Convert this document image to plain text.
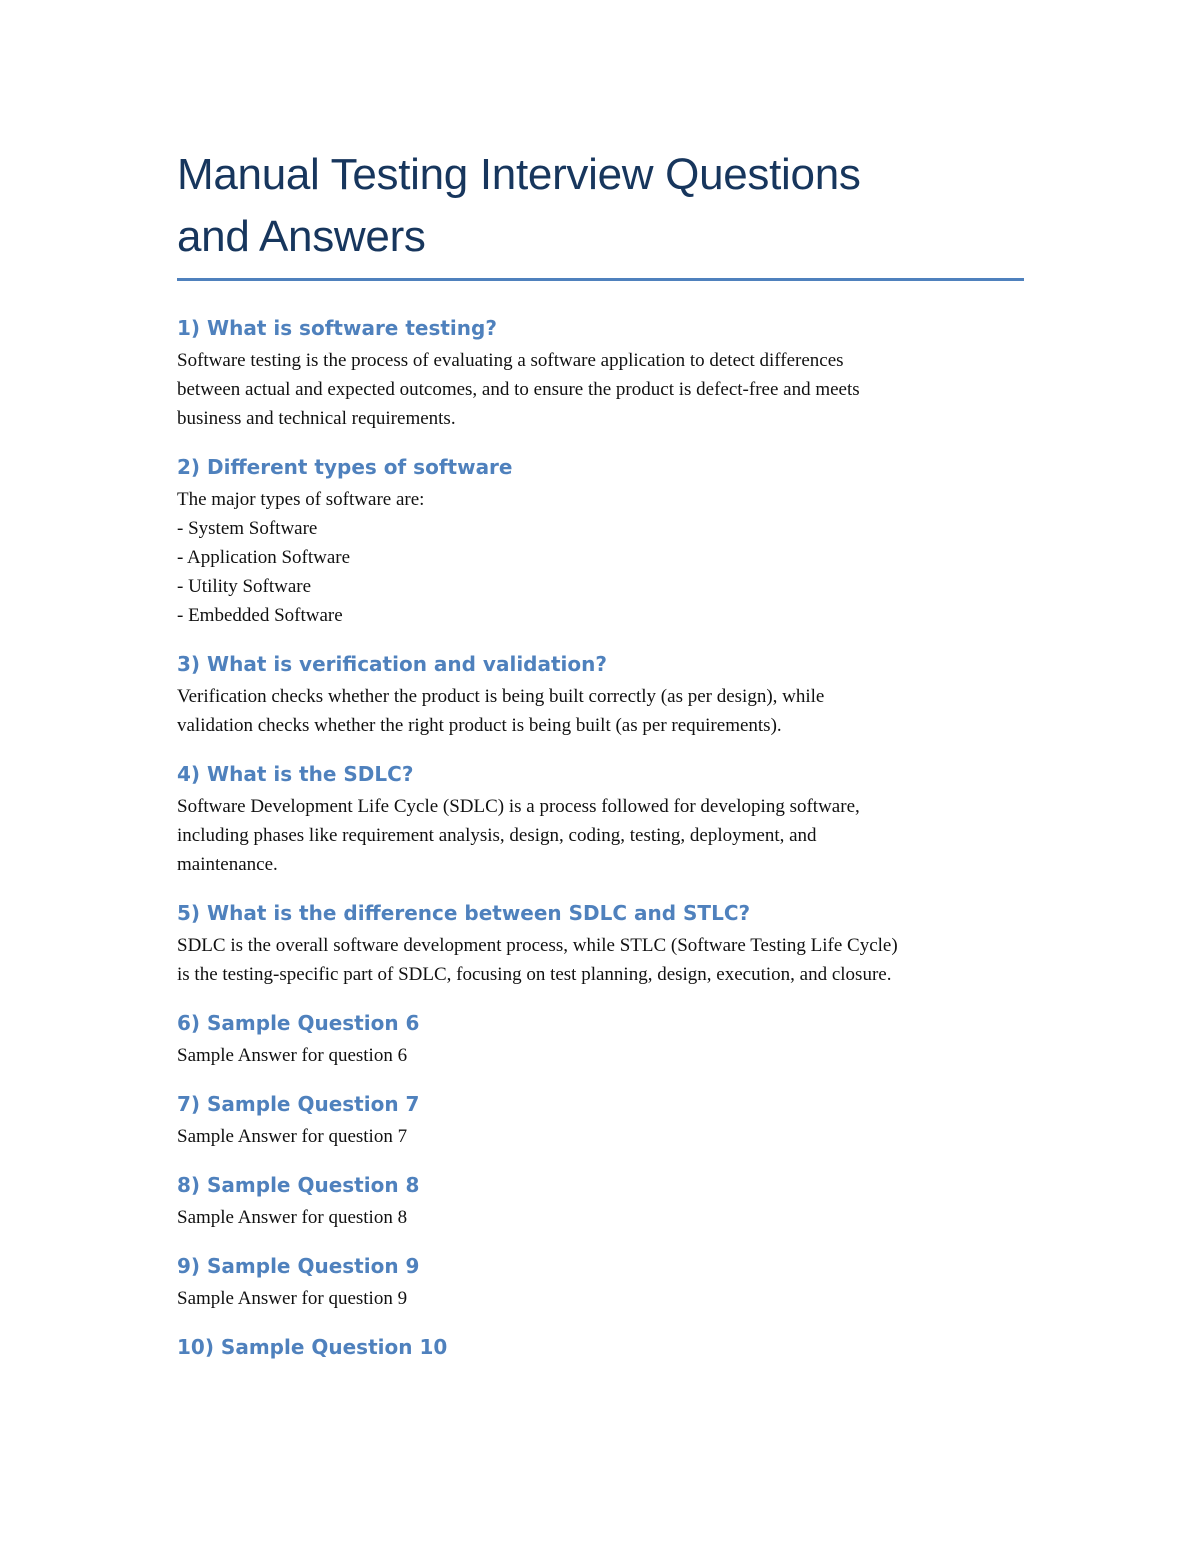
Manual Testing Interview Questions
and Answers
1) What is software testing?

Software testing is the process of evaluating a software application to detect differences
between actual and expected outcomes, and to ensure the product is defect-free and meets
business and technical requirements.

2) Different types of software

The major types of software are:
- System Software
- Application Software
- Utility Software
- Embedded Software

3) What is verification and validation?

Verification checks whether the product is being built correctly (as per design), while
validation checks whether the right product is being built (as per requirements).

4) What is the SDLC?

Software Development Life Cycle (SDLC) is a process followed for developing software,
including phases like requirement analysis, design, coding, testing, deployment, and
maintenance.

5) What is the difference between SDLC and STLC?

SDLC is the overall software development process, while STLC (Software Testing Life Cycle)
is the testing-specific part of SDLC, focusing on test planning, design, execution, and closure.

6) Sample Question 6

Sample Answer for question 6

7) Sample Question 7

Sample Answer for question 7

8) Sample Question 8

Sample Answer for question 8

9) Sample Question 9

Sample Answer for question 9

10) Sample Question 10
